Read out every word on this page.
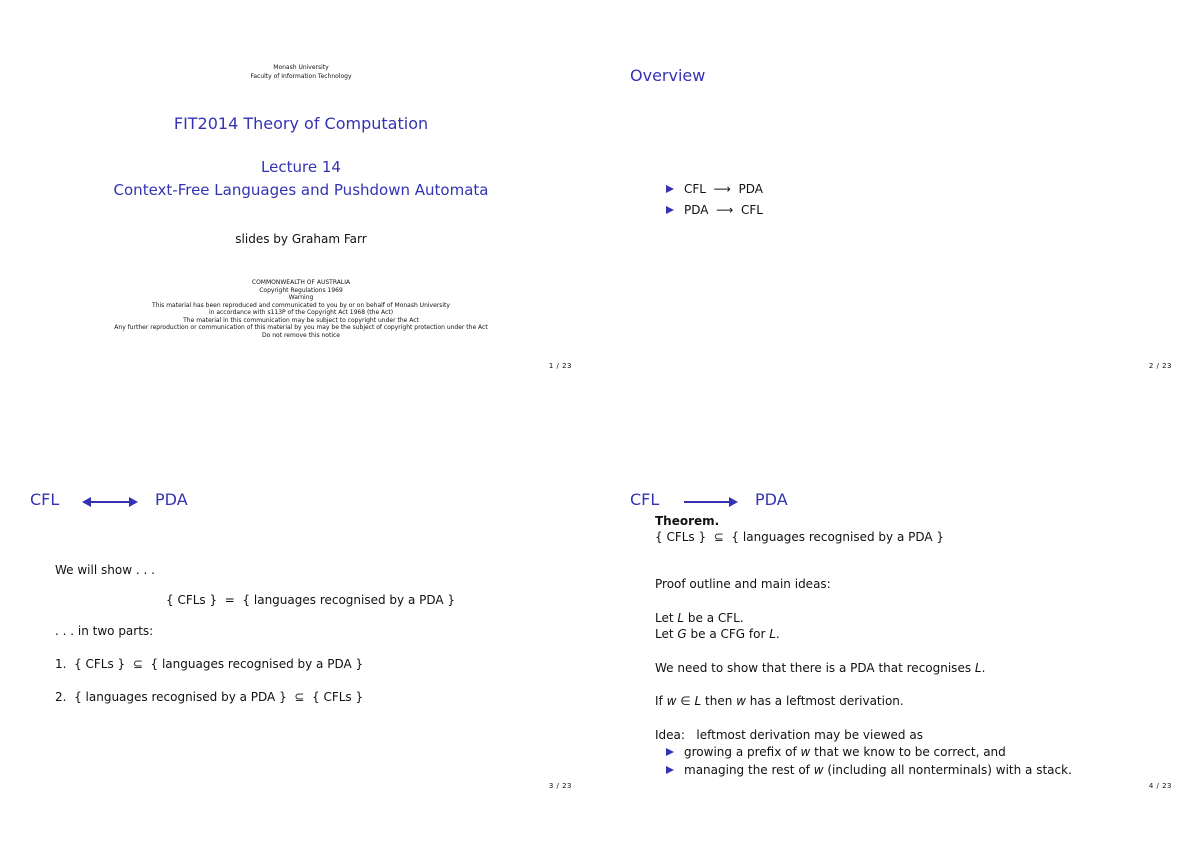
Monash University
Faculty of Information Technology
FIT2014 Theory of Computation
Lecture 14
Context-Free Languages and Pushdown Automata
slides by Graham Farr
COMMONWEALTH OF AUSTRALIA
Copyright Regulations 1969
Warning
This material has been reproduced and communicated to you by or on behalf of Monash University
in accordance with s113P of the Copyright Act 1968 (the Act)
The material in this communication may be subject to copyright under the Act
Any further reproduction or communication of this material by you may be the subject of copyright protection under the Act
Do not remove this notice
1 / 23
Overview
CFL ⟶ PDA
PDA ⟶ CFL
2 / 23
CFL	PDA
We will show . . .
{ CFLs }  =  { languages recognised by a PDA }
. . . in two parts:
1.  { CFLs }  ⊆  { languages recognised by a PDA }
2.  { languages recognised by a PDA }  ⊆  { CFLs }
3 / 23
CFL	PDA
Theorem.
{ CFLs }  ⊆  { languages recognised by a PDA }
Proof outline and main ideas:
Let L be a CFL.
Let G be a CFG for L.
We need to show that there is a PDA that recognises L.
If w ∈ L then w has a leftmost derivation.
Idea:   leftmost derivation may be viewed as
growing a prefix of w that we know to be correct, and
managing the rest of w (including all nonterminals) with a stack.
4 / 23
